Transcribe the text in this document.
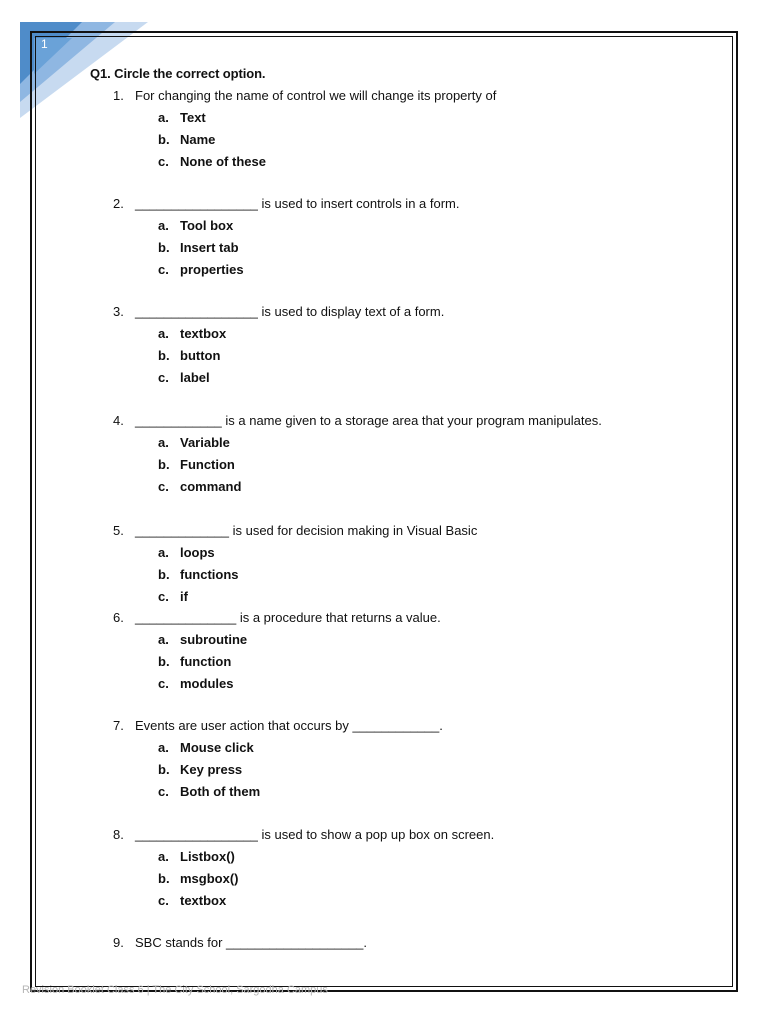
1
Q1. Circle the correct option.
1. For changing the name of control we will change its property of
a. Text
b. Name
c. None of these
2. _________________ is used to insert controls in a form.
a. Tool box
b. Insert tab
c. properties
3. _________________ is used to display text of a form.
a. textbox
b. button
c. label
4. ____________ is a name given to a storage area that your program manipulates.
a. Variable
b. Function
c. command
5. _____________ is used for decision making in Visual Basic
a. loops
b. functions
c. if
6. ______________ is a procedure that returns a value.
a. subroutine
b. function
c. modules
7. Events are user action that occurs by ____________.
a. Mouse click
b. Key press
c. Both of them
8. _________________ is used to show a pop up box on screen.
a. Listbox()
b. msgbox()
c. textbox
9. SBC stands for ___________________.
Revision Booklet Class 6 | The City School, Sargodha Campus
